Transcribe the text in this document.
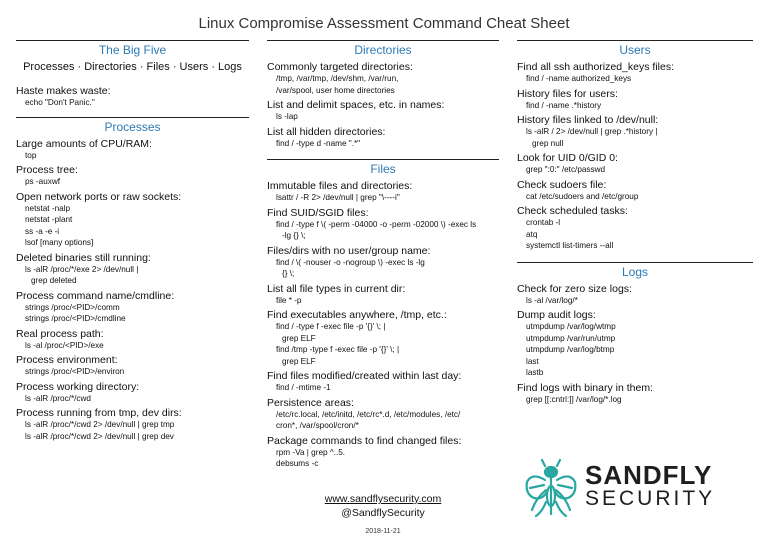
Linux Compromise Assessment Command Cheat Sheet
The Big Five
Processes · Directories · Files · Users · Logs
Haste makes waste:
echo "Don't Panic."
Processes
Large amounts of CPU/RAM:
top
Process tree:
ps -auxwf
Open network ports or raw sockets:
netstat -nalp
netstat -plant
ss -a -e -i
lsof [many options]
Deleted binaries still running:
ls -alR /proc/*/exe 2> /dev/null |
grep deleted
Process command name/cmdline:
strings /proc/<PID>/comm
strings /proc/<PID>/cmdline
Real process path:
ls -al /proc/<PID>/exe
Process environment:
strings /proc/<PID>/environ
Process working directory:
ls -alR /proc/*/cwd
Process running from tmp, dev dirs:
ls -alR /proc/*/cwd 2> /dev/null | grep tmp
ls -alR /proc/*/cwd 2> /dev/null | grep dev
Directories
Commonly targeted directories:
/tmp, /var/tmp, /dev/shm, /var/run,
/var/spool, user home directories
List and delimit spaces, etc. in names:
ls -lap
List all hidden directories:
find / -type d -name ".*"
Files
Immutable files and directories:
lsattr / -R 2> /dev/null | grep "\----i"
Find SUID/SGID files:
find / -type f \( -perm -04000 -o -perm -02000 \) -exec ls
-lg {} \;
Files/dirs with no user/group name:
find / \( -nouser -o -nogroup \) -exec ls -lg
{} \;
List all file types in current dir:
file * -p
Find executables anywhere, /tmp, etc.:
find / -type f -exec file -p '{}' \; |
grep ELF
find /tmp -type f -exec file -p '{}' \; |
grep ELF
Find files modified/created within last day:
find / -mtime -1
Persistence areas:
/etc/rc.local, /etc/initd, /etc/rc*.d, /etc/modules, /etc/
cron*, /var/spool/cron/*
Package commands to find changed files:
rpm -Va | grep ^..5.
debsums -c
Users
Find all ssh authorized_keys files:
find / -name authorized_keys
History files for users:
find / -name .*history
History files linked to /dev/null:
ls -alR / 2> /dev/null | grep .*history |
grep null
Look for UID 0/GID 0:
grep ":0:" /etc/passwd
Check sudoers file:
cat /etc/sudoers and /etc/group
Check scheduled tasks:
crontab -l
atq
systemctl list-timers --all
Logs
Check for zero size logs:
ls -al /var/log/*
Dump audit logs:
utmpdump /var/log/wtmp
utmpdump /var/run/utmp
utmpdump /var/log/btmp
last
lastb
Find logs with binary in them:
grep [[:cntrl:]] /var/log/*.log
www.sandflysecurity.com
@SandflySecurity
2018-11-21
SANDFLY
SECURITY
